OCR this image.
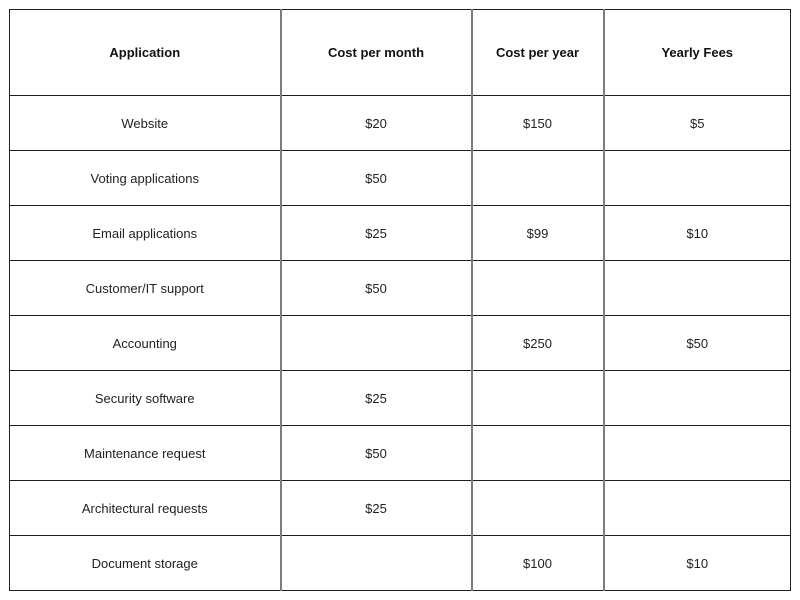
Application	Cost per month	Cost per year	Yearly Fees
Website	$20	$150	$5
Voting applications	$50		
Email applications	$25	$99	$10
Customer/IT support	$50		
Accounting		$250	$50
Security software	$25		
Maintenance request	$50		
Architectural requests	$25		
Document storage		$100	$10
